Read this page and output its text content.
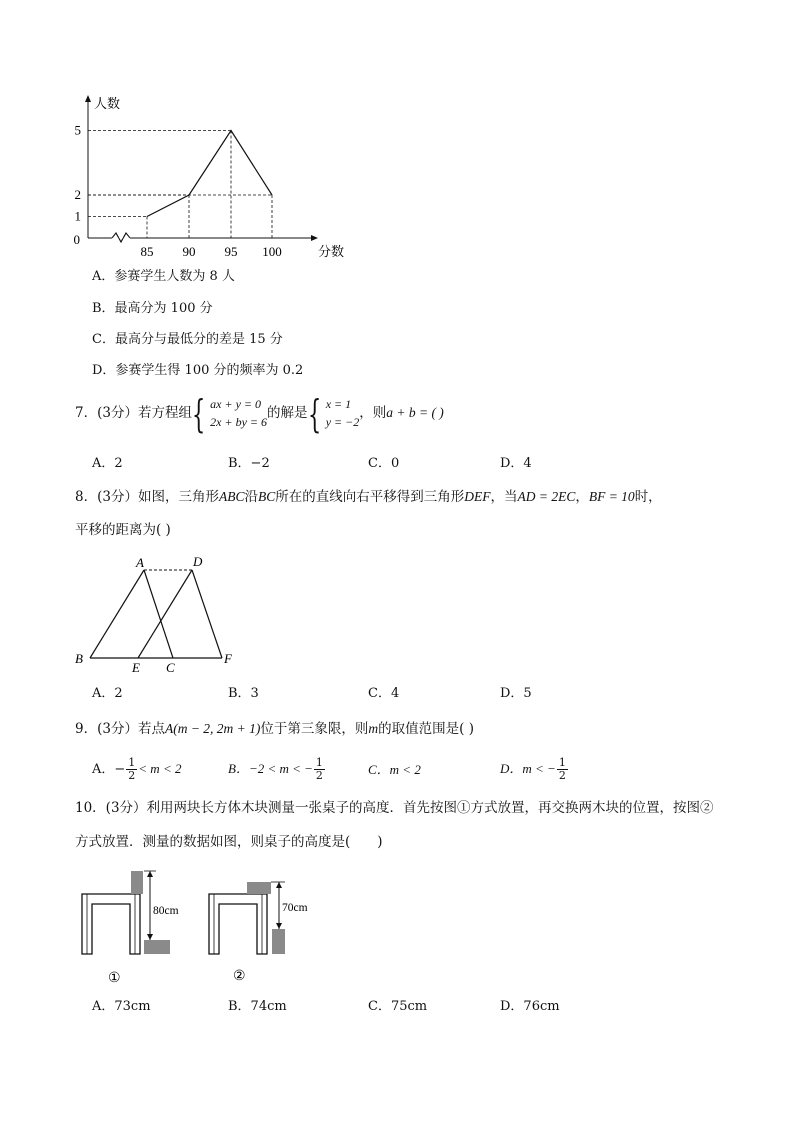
85 90 95 100
1
2
5
0
人数
分数
A．参赛学生人数为 8 人
B．最高分为 100 分
C．最高分与最低分的差是 15 分
D．参赛学生得 100 分的频率为 0.2
7．(3分）若方程组{ ax + y = 0
2x + by = 6的解是{ x = 1
y = −2，则a + b = ( )
A．2	B．−2	C．0	D．4
8．(3分）如图，三角形ABC沿BC所在的直线向右平移得到三角形DEF，当AD = 2EC，BF = 10时，
平移的距离为( )
A	D
B
E C
F
A．2	B．3	C．4	D．5
9．(3分）若点A(m − 2, 2m + 1)位于第三象限，则m的取值范围是( )
A．− $\frac{1}{2} < m < 2$	B．−2 < m < − $\frac{1}{2}$	C．m < 2	D．m < − $\frac{1}{2}$
10．(3分）利用两块长方体木块测量一张桌子的高度．首先按图①方式放置，再交换两木块的位置，按图②
方式放置．测量的数据如图，则桌子的高度是(　　)
80cm
①
70cm
②
A．73cm	B．74cm	C．75cm	D．76cm
